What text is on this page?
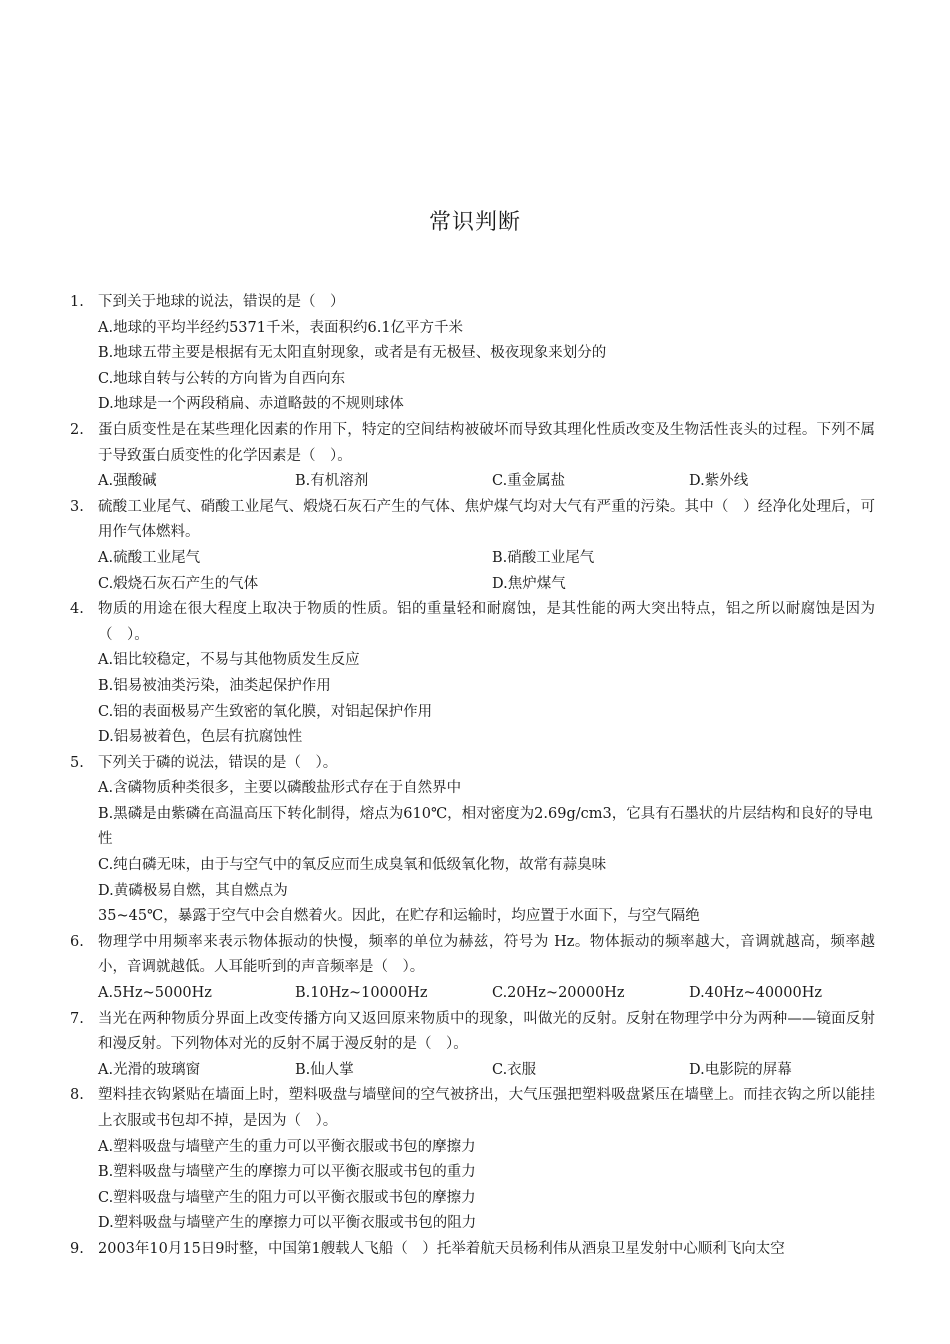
常识判断
1. 下到关于地球的说法，错误的是（　）
A.地球的平均半经约5371千米，表面积约6.1亿平方千米
B.地球五带主要是根据有无太阳直射现象，或者是有无极昼、极夜现象来划分的
C.地球自转与公转的方向皆为自西向东
D.地球是一个两段稍扁、赤道略鼓的不规则球体
2. 蛋白质变性是在某些理化因素的作用下，特定的空间结构被破坏而导致其理化性质改变及生物活性丧头的过程。下列不属于导致蛋白质变性的化学因素是（　）。
A.强酸碱	B.有机溶剂	C.重金属盐	D.紫外线
3. 硫酸工业尾气、硝酸工业尾气、煅烧石灰石产生的气体、焦炉煤气均对大气有严重的污染。其中（　）经净化处理后，可用作气体燃料。
A.硫酸工业尾气	B.硝酸工业尾气
C.煅烧石灰石产生的气体	D.焦炉煤气
4. 物质的用途在很大程度上取决于物质的性质。铝的重量轻和耐腐蚀，是其性能的两大突出特点，铝之所以耐腐蚀是因为（　）。
A.铝比较稳定，不易与其他物质发生反应
B.铝易被油类污染，油类起保护作用
C.铝的表面极易产生致密的氧化膜，对铝起保护作用
D.铝易被着色，色层有抗腐蚀性
5. 下列关于磷的说法，错误的是（　）。
A.含磷物质种类很多，主要以磷酸盐形式存在于自然界中
B.黑磷是由紫磷在高温高压下转化制得，熔点为610℃，相对密度为2.69g/cm3，它具有石墨状的片层结构和良好的导电性
C.纯白磷无味，由于与空气中的氧反应而生成臭氧和低级氧化物，故常有蒜臭味
D.黄磷极易自燃，其自燃点为
35~45℃，暴露于空气中会自燃着火。因此，在贮存和运输时，均应置于水面下，与空气隔绝
6. 物理学中用频率来表示物体振动的快慢，频率的单位为赫兹，符号为 Hz。物体振动的频率越大，音调就越高，频率越小，音调就越低。人耳能听到的声音频率是（　）。
A.5Hz~5000Hz	B.10Hz~10000Hz	C.20Hz~20000Hz	D.40Hz~40000Hz
7. 当光在两种物质分界面上改变传播方向又返回原来物质中的现象，叫做光的反射。反射在物理学中分为两种——镜面反射和漫反射。下列物体对光的反射不属于漫反射的是（　）。
A.光滑的玻璃窗	B.仙人掌	C.衣服	D.电影院的屏幕
8. 塑料挂衣钩紧贴在墙面上时，塑料吸盘与墙壁间的空气被挤出，大气压强把塑料吸盘紧压在墙壁上。而挂衣钩之所以能挂上衣服或书包却不掉，是因为（　）。
A.塑料吸盘与墙壁产生的重力可以平衡衣服或书包的摩擦力
B.塑料吸盘与墙壁产生的摩擦力可以平衡衣服或书包的重力
C.塑料吸盘与墙壁产生的阻力可以平衡衣服或书包的摩擦力
D.塑料吸盘与墙壁产生的摩擦力可以平衡衣服或书包的阻力
9. 2003年10月15日9时整，中国第1艘载人飞船（　）托举着航天员杨利伟从酒泉卫星发射中心顺利飞向太空
